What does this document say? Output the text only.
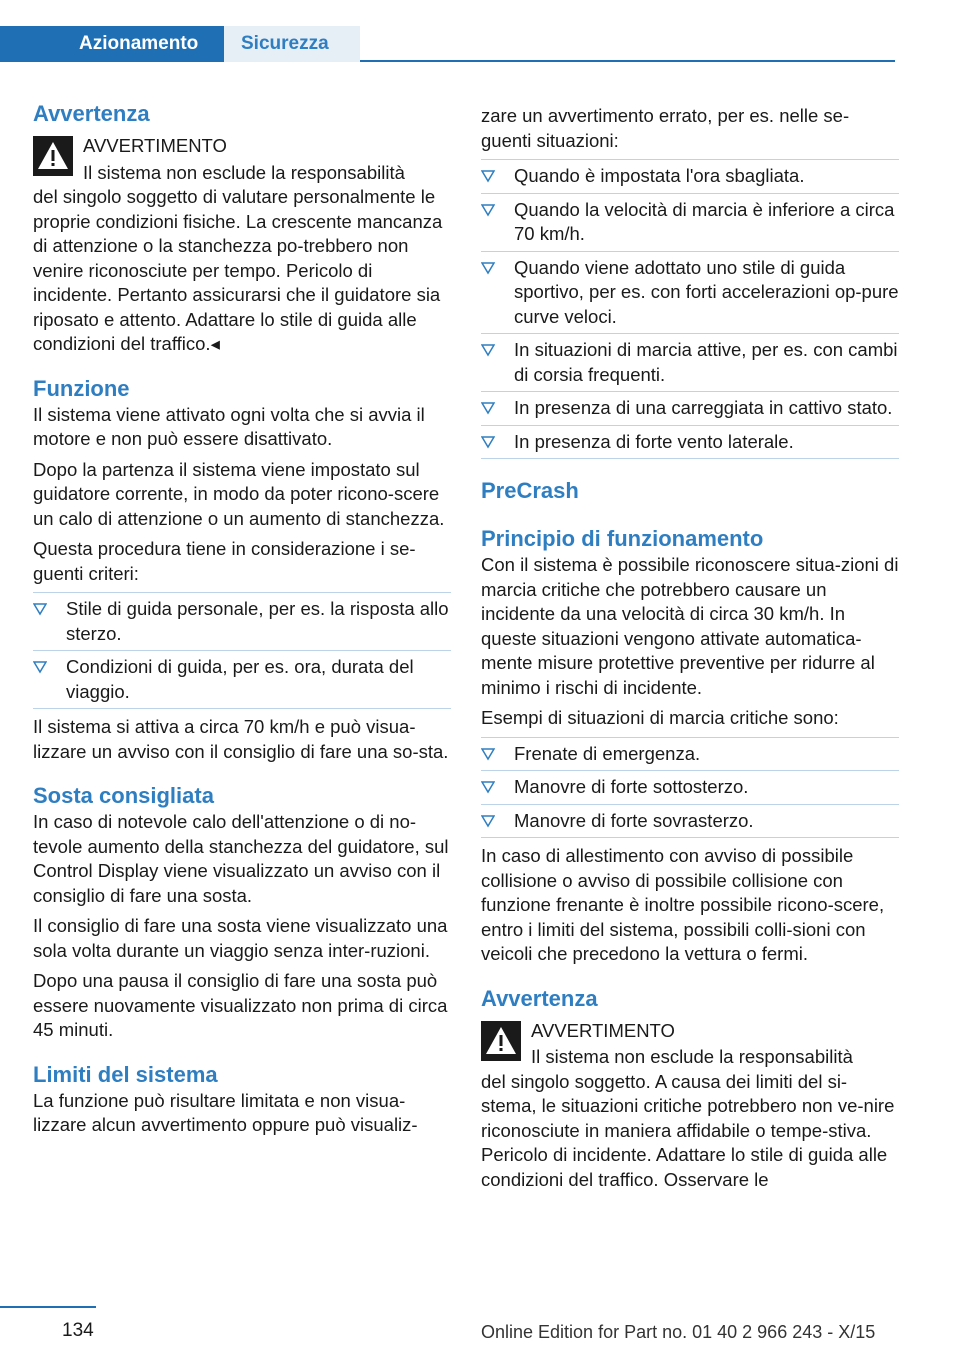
Azionamento	Sicurezza
Avvertenza
AVVERTIMENTO
Il sistema non esclude la responsabilità
del singolo soggetto di valutare personalmente le proprie condizioni fisiche. La crescente mancanza di attenzione o la stanchezza po-trebbero non venire riconosciute per tempo. Pericolo di incidente. Pertanto assicurarsi che il guidatore sia riposato e attento. Adattare lo stile di guida alle condizioni del traffico.◂
Funzione

Il sistema viene attivato ogni volta che si avvia il motore e non può essere disattivato.

Dopo la partenza il sistema viene impostato sul guidatore corrente, in modo da poter ricono-scere un calo di attenzione o un aumento di stanchezza.

Questa procedura tiene in considerazione i se-guenti criteri:

Stile di guida personale, per es. la risposta allo sterzo.
Condizioni di guida, per es. ora, durata del viaggio.

Il sistema si attiva a circa 70 km/h e può visua-lizzare un avviso con il consiglio di fare una so-sta.

Sosta consigliata

In caso di notevole calo dell'attenzione o di no-tevole aumento della stanchezza del guidatore, sul Control Display viene visualizzato un avviso con il consiglio di fare una sosta.

Il consiglio di fare una sosta viene visualizzato una sola volta durante un viaggio senza inter-ruzioni.

Dopo una pausa il consiglio di fare una sosta può essere nuovamente visualizzato non prima di circa 45 minuti.

Limiti del sistema

La funzione può risultare limitata e non visua-lizzare alcun avvertimento oppure può visualiz-

zare un avvertimento errato, per es. nelle se-guenti situazioni:

Quando è impostata l'ora sbagliata.
Quando la velocità di marcia è inferiore a circa 70 km/h.
Quando viene adottato uno stile di guida sportivo, per es. con forti accelerazioni op-pure curve veloci.
In situazioni di marcia attive, per es. con cambi di corsia frequenti.
In presenza di una carreggiata in cattivo stato.
In presenza di forte vento laterale.
PreCrash
Principio di funzionamento

Con il sistema è possibile riconoscere situa-zioni di marcia critiche che potrebbero causare un incidente da una velocità di circa 30 km/h. In queste situazioni vengono attivate automatica-mente misure protettive preventive per ridurre al minimo i rischi di incidente.

Esempi di situazioni di marcia critiche sono:

Frenate di emergenza.
Manovre di forte sottosterzo.
Manovre di forte sovrasterzo.

In caso di allestimento con avviso di possibile collisione o avviso di possibile collisione con funzione frenante è inoltre possibile ricono-scere, entro i limiti del sistema, possibili colli-sioni con veicoli che precedono la vettura o fermi.

Avvertenza
AVVERTIMENTO
Il sistema non esclude la responsabilità
del singolo soggetto. A causa dei limiti del si-stema, le situazioni critiche potrebbero non ve-nire riconosciute in maniera affidabile o tempe-stiva. Pericolo di incidente. Adattare lo stile di guida alle condizioni del traffico. Osservare le
134	Online Edition for Part no. 01 40 2 966 243 - X/15
